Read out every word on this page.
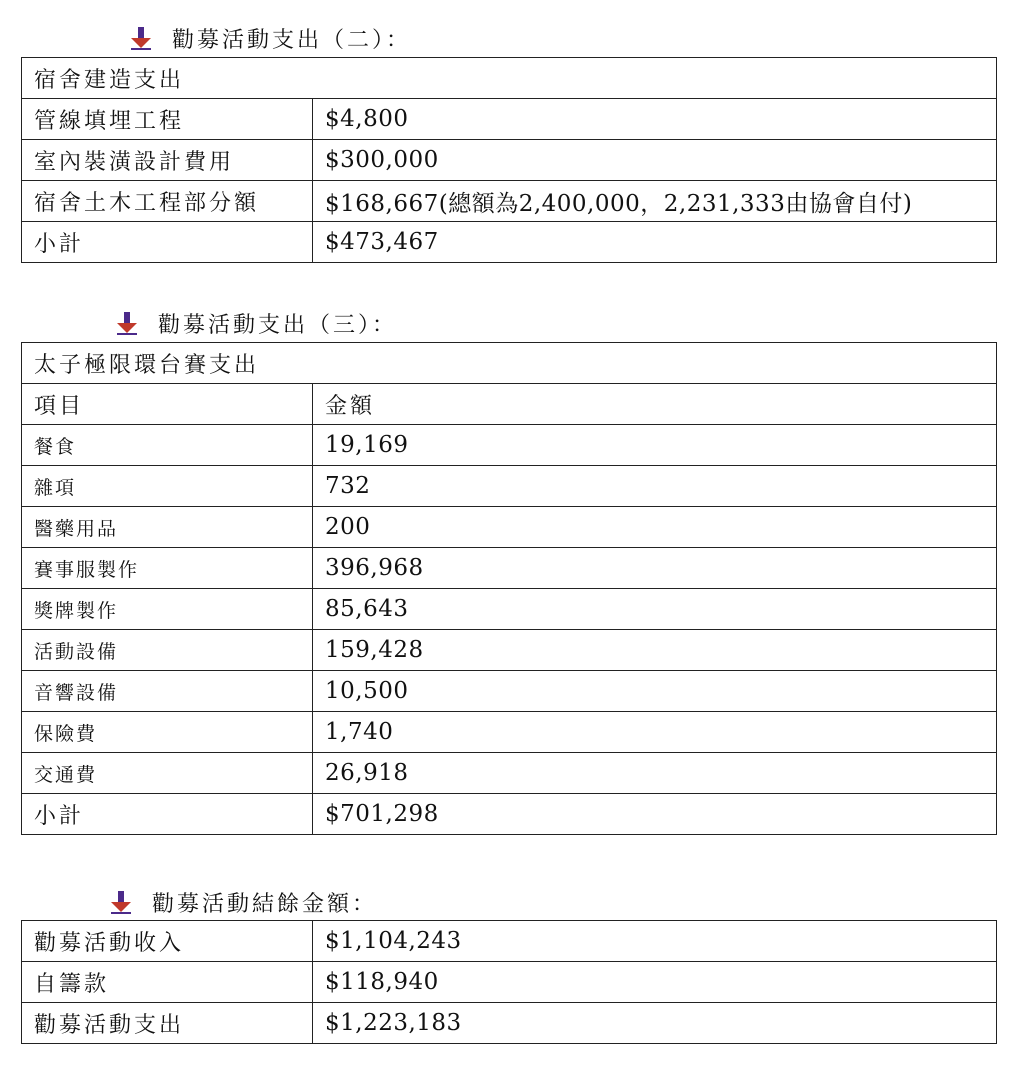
勸募活動支出（二）：
宿舍建造支出	
管線填埋工程	$4,800
室內裝潢設計費用	$300,000
宿舍土木工程部分額	$168,667(總額為2,400,000，2,231,333由協會自付)
小計	$473,467
勸募活動支出（三）：
太子極限環台賽支出	
項目	金額
餐食	19,169
雜項	732
醫藥用品	200
賽事服製作	396,968
獎牌製作	85,643
活動設備	159,428
音響設備	10,500
保險費	1,740
交通費	26,918
小計	$701,298
勸募活動結餘金額：
勸募活動收入	$1,104,243
自籌款	$118,940
勸募活動支出	$1,223,183
